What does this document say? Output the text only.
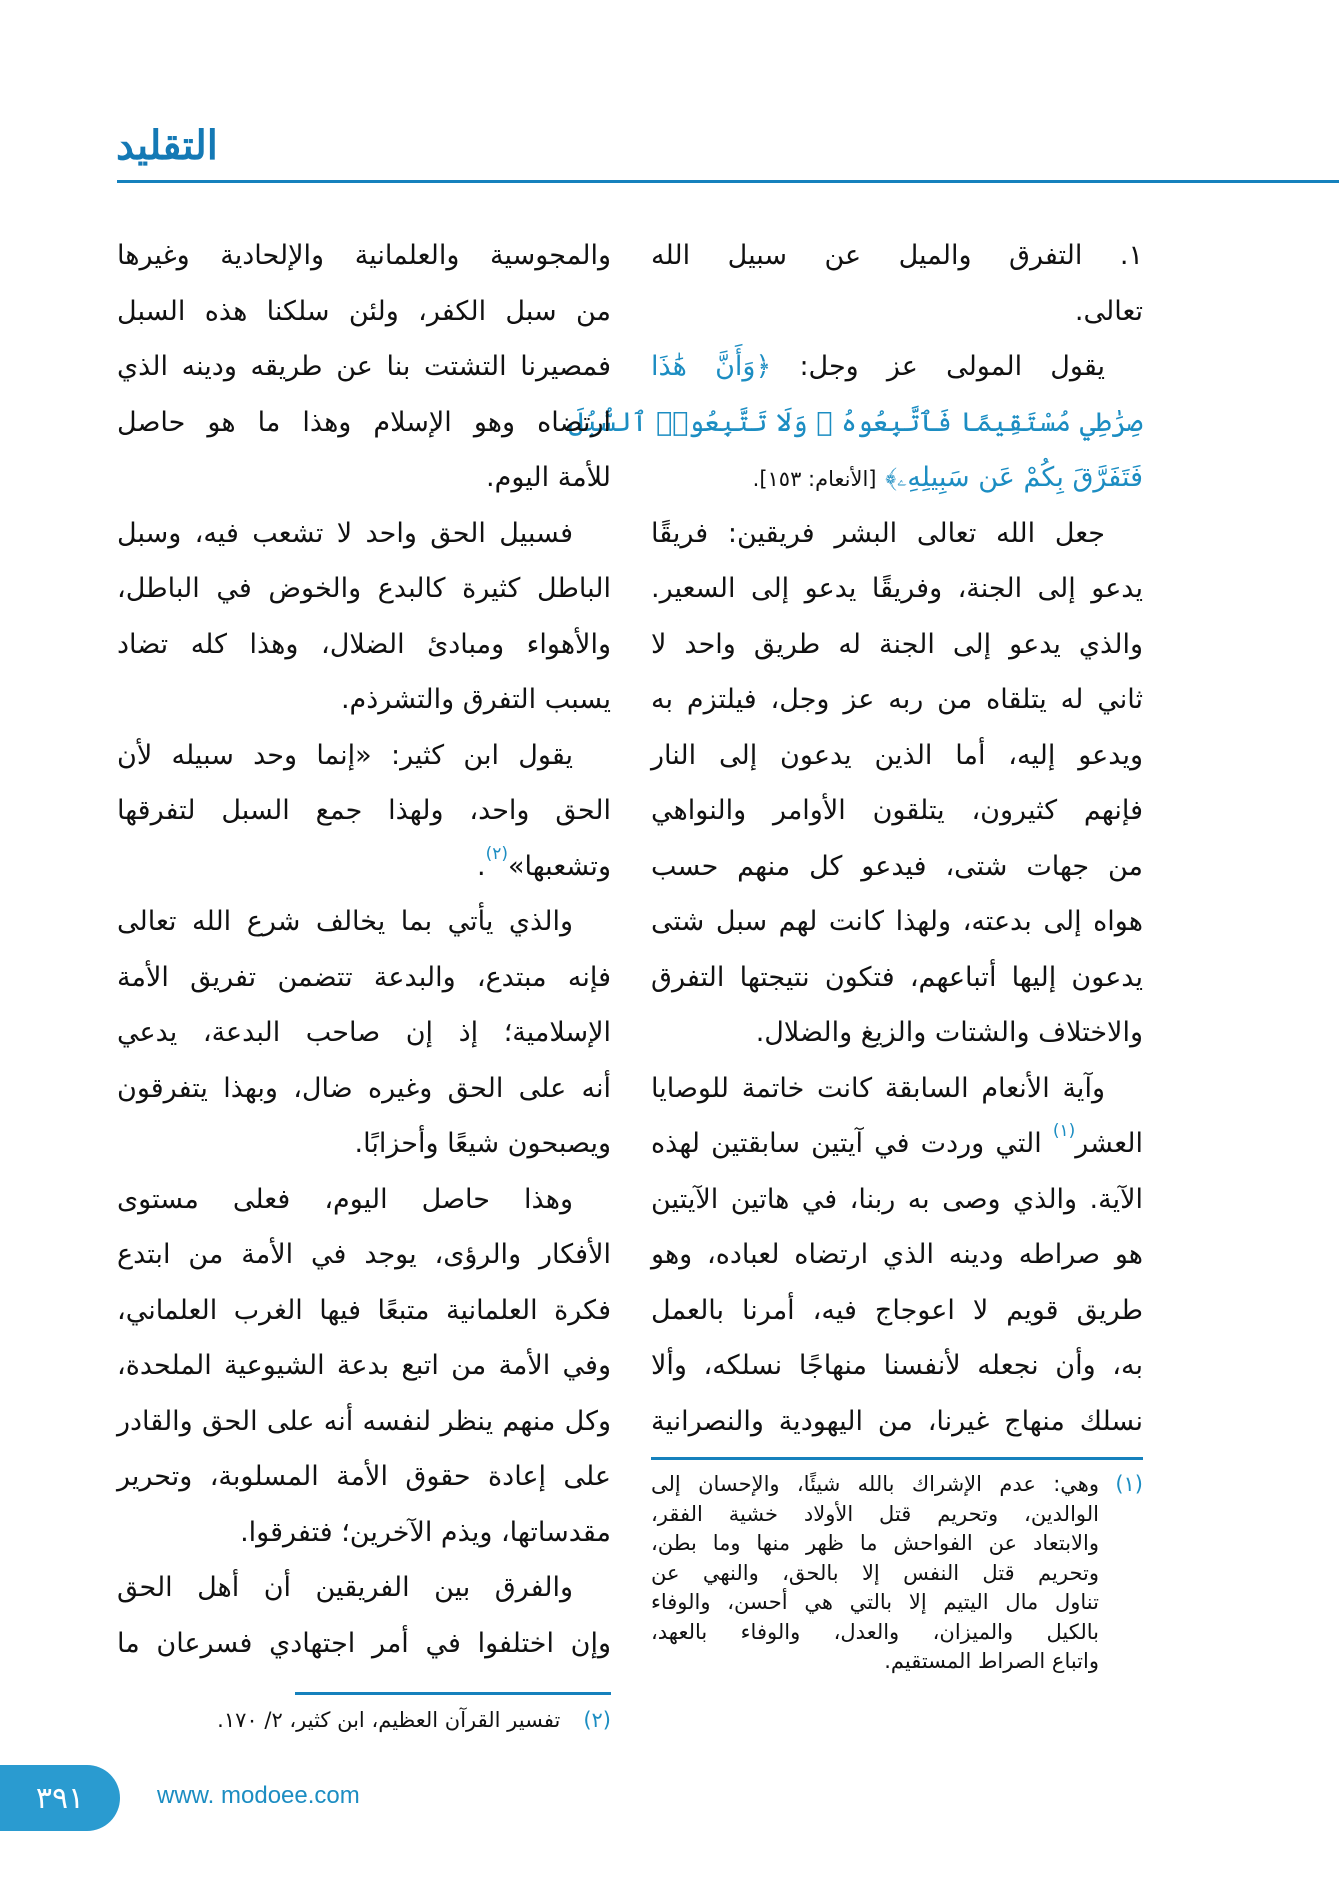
التقليد
١. التفرق والميل عن سبيل الله
تعالى.
يقول المولى عز وجل: ﴿وَأَنَّ هَٰذَا
صِرَٰطِي مُسْتَقِيمًا فَٱتَّبِعُوهُ ۖ وَلَا تَتَّبِعُوا۟ ٱلسُّبُلَ
فَتَفَرَّقَ بِكُمْ عَن سَبِيلِهِۦ﴾ [الأنعام: ١٥٣].
جعل الله تعالى البشر فريقين: فريقًا
يدعو إلى الجنة، وفريقًا يدعو إلى السعير.
والذي يدعو إلى الجنة له طريق واحد لا
ثاني له يتلقاه من ربه عز وجل، فيلتزم به
ويدعو إليه، أما الذين يدعون إلى النار
فإنهم كثيرون، يتلقون الأوامر والنواهي
من جهات شتى، فيدعو كل منهم حسب
هواه إلى بدعته، ولهذا كانت لهم سبل شتى
يدعون إليها أتباعهم، فتكون نتيجتها التفرق
والاختلاف والشتات والزيغ والضلال.
وآية الأنعام السابقة كانت خاتمة للوصايا
العشر$^{(١)}$ التي وردت في آيتين سابقتين لهذه
الآية. والذي وصى به ربنا، في هاتين الآيتين
هو صراطه ودينه الذي ارتضاه لعباده، وهو
طريق قويم لا اعوجاج فيه، أمرنا بالعمل
به، وأن نجعله لأنفسنا منهاجًا نسلكه، وألا
نسلك منهاج غيرنا، من اليهودية والنصرانية
والمجوسية والعلمانية والإلحادية وغيرها
من سبل الكفر، ولئن سلكنا هذه السبل
فمصيرنا التشتت بنا عن طريقه ودينه الذي
ارتضاه وهو الإسلام وهذا ما هو حاصل
للأمة اليوم.
فسبيل الحق واحد لا تشعب فيه، وسبل
الباطل كثيرة كالبدع والخوض في الباطل،
والأهواء ومبادئ الضلال، وهذا كله تضاد
يسبب التفرق والتشرذم.
يقول ابن كثير: «إنما وحد سبيله لأن
الحق واحد، ولهذا جمع السبل لتفرقها
وتشعبها»$^{(٢)}$.
والذي يأتي بما يخالف شرع الله تعالى
فإنه مبتدع، والبدعة تتضمن تفريق الأمة
الإسلامية؛ إذ إن صاحب البدعة، يدعي
أنه على الحق وغيره ضال، وبهذا يتفرقون
ويصبحون شيعًا وأحزابًا.
وهذا حاصل اليوم، فعلى مستوى
الأفكار والرؤى، يوجد في الأمة من ابتدع
فكرة العلمانية متبعًا فيها الغرب العلماني،
وفي الأمة من اتبع بدعة الشيوعية الملحدة،
وكل منهم ينظر لنفسه أنه على الحق والقادر
على إعادة حقوق الأمة المسلوبة، وتحرير
مقدساتها، ويذم الآخرين؛ فتفرقوا.
والفرق بين الفريقين أن أهل الحق
وإن اختلفوا في أمر اجتهادي فسرعان ما
(١)وهي: عدم الإشراك بالله شيئًا، والإحسان إلى
الوالدين، وتحريم قتل الأولاد خشية الفقر،
والابتعاد عن الفواحش ما ظهر منها وما بطن،
وتحريم قتل النفس إلا بالحق، والنهي عن
تناول مال اليتيم إلا بالتي هي أحسن، والوفاء
بالكيل والميزان، والعدل، والوفاء بالعهد،
واتباع الصراط المستقيم.
(٢) تفسير القرآن العظيم، ابن كثير، ٢/ ١٧٠.
٣٩١	www. modoee.com
